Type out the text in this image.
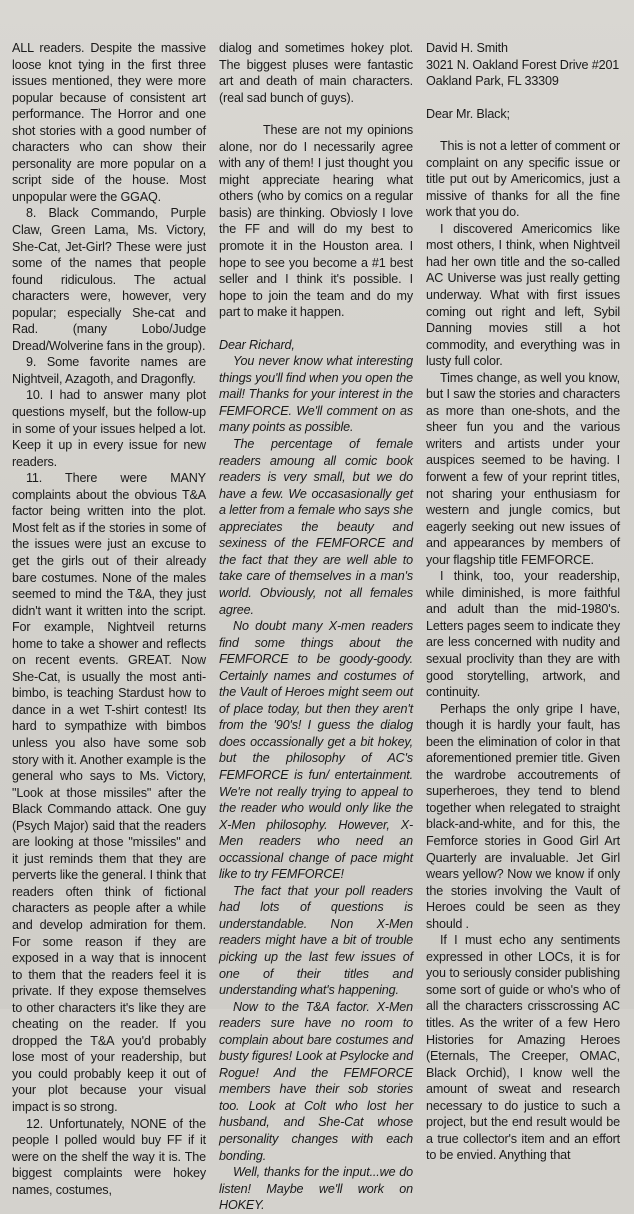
ALL readers. Despite the massive loose knot tying in the first three issues mentioned, they were more popular because of consistent art performance. The Horror and one shot stories with a good number of characters who can show their personality are more popular on a script side of the house. Most unpopular were the GGAQ.

8. Black Commando, Purple Claw, Green Lama, Ms. Victory, She-Cat, Jet-Girl? These were just some of the names that people found ridiculous. The actual characters were, however, very popular; especially She-cat and Rad. (many Lobo/Judge Dread/Wolverine fans in the group).

9. Some favorite names are Nightveil, Azagoth, and Dragonfly.

10. I had to answer many plot questions myself, but the follow-up in some of your issues helped a lot. Keep it up in every issue for new readers.

11. There were MANY complaints about the obvious T&A factor being written into the plot. Most felt as if the stories in some of the issues were just an excuse to get the girls out of their already bare costumes. None of the males seemed to mind the T&A, they just didn't want it written into the script. For example, Nightveil returns home to take a shower and reflects on recent events. GREAT. Now She-Cat, is usually the most anti-bimbo, is teaching Stardust how to dance in a wet T-shirt contest! Its hard to sympathize with bimbos unless you also have some sob story with it. Another example is the general who says to Ms. Victory, "Look at those missiles" after the Black Commando attack. One guy (Psych Major) said that the readers are looking at those "missiles" and it just reminds them that they are perverts like the general. I think that readers often think of fictional characters as people after a while and develop admiration for them. For some reason if they are exposed in a way that is innocent to them that the readers feel it is private. If they expose themselves to other characters it's like they are cheating on the reader. If you dropped the T&A you'd probably lose most of your readership, but you could probably keep it out of your plot because your visual impact is so strong.

12. Unfortunately, NONE of the people I polled would buy FF if it were on the shelf the way it is. The biggest complaints were hokey names, costumes,

dialog and sometimes hokey plot. The biggest pluses were fantastic art and death of main characters. (real sad bunch of guys).

These are not my opinions alone, nor do I necessarily agree with any of them! I just thought you might appreciate hearing what others (who by comics on a regular basis) are thinking. Obviosly I love the FF and will do my best to promote it in the Houston area. I hope to see you become a #1 best seller and I think it's possible. I hope to join the team and do my part to make it happen.

Dear Richard,

You never know what interesting things you'll find when you open the mail! Thanks for your interest in the FEMFORCE. We'll comment on as many points as possible.

The percentage of female readers amoung all comic book readers is very small, but we do have a few. We occasasionally get a letter from a female who says she appreciates the beauty and sexiness of the FEMFORCE and the fact that they are well able to take care of themselves in a man's world. Obviously, not all females agree.

No doubt many X-men readers find some things about the FEMFORCE to be goody-goody. Certainly names and costumes of the Vault of Heroes might seem out of place today, but then they aren't from the '90's! I guess the dialog does occassionally get a bit hokey, but the philosophy of AC's FEMFORCE is fun/ entertainment. We're not really trying to appeal to the reader who would only like the X-Men philosophy. However, X-Men readers who need an occassional change of pace might like to try FEMFORCE!

The fact that your poll readers had lots of questions is understandable. Non X-Men readers might have a bit of trouble picking up the last few issues of one of their titles and understanding what's happening.

Now to the T&A factor. X-Men readers sure have no room to complain about bare costumes and busty figures! Look at Psylocke and Rogue! And the FEMFORCE members have their sob stories too. Look at Colt who lost her husband, and She-Cat whose personality changes with each bonding.

Well, thanks for the input...we do listen! Maybe we'll work on HOKEY.

David H. Smith
3021 N. Oakland Forest Drive #201
Oakland Park, FL 33309

Dear Mr. Black;

This is not a letter of comment or complaint on any specific issue or title put out by Americomics, just a missive of thanks for all the fine work that you do.

I discovered Americomics like most others, I think, when Nightveil had her own title and the so-called AC Universe was just really getting underway. What with first issues coming out right and left, Sybil Danning movies still a hot commodity, and everything was in lusty full color.

Times change, as well you know, but I saw the stories and characters as more than one-shots, and the sheer fun you and the various writers and artists under your auspices seemed to be having. I forwent a few of your reprint titles, not sharing your enthusiasm for western and jungle comics, but eagerly seeking out new issues of and appearances by members of your flagship title FEMFORCE.

I think, too, your readership, while diminished, is more faithful and adult than the mid-1980's. Letters pages seem to indicate they are less concerned with nudity and sexual proclivity than they are with good storytelling, artwork, and continuity.

Perhaps the only gripe I have, though it is hardly your fault, has been the elimination of color in that aforementioned premier title. Given the wardrobe accoutrements of superheroes, they tend to blend together when relegated to straight black-and-white, and for this, the Femforce stories in Good Girl Art Quarterly are invaluable. Jet Girl wears yellow? Now we know if only the stories involving the Vault of Heroes could be seen as they should .

If I must echo any sentiments expressed in other LOCs, it is for you to seriously consider publishing some sort of guide or who's who of all the characters crisscrossing AC titles. As the writer of a few Hero Histories for Amazing Heroes (Eternals, The Creeper, OMAC, Black Orchid), I know well the amount of sweat and research necessary to do justice to such a project, but the end result would be a true collector's item and an effort to be envied. Anything that
